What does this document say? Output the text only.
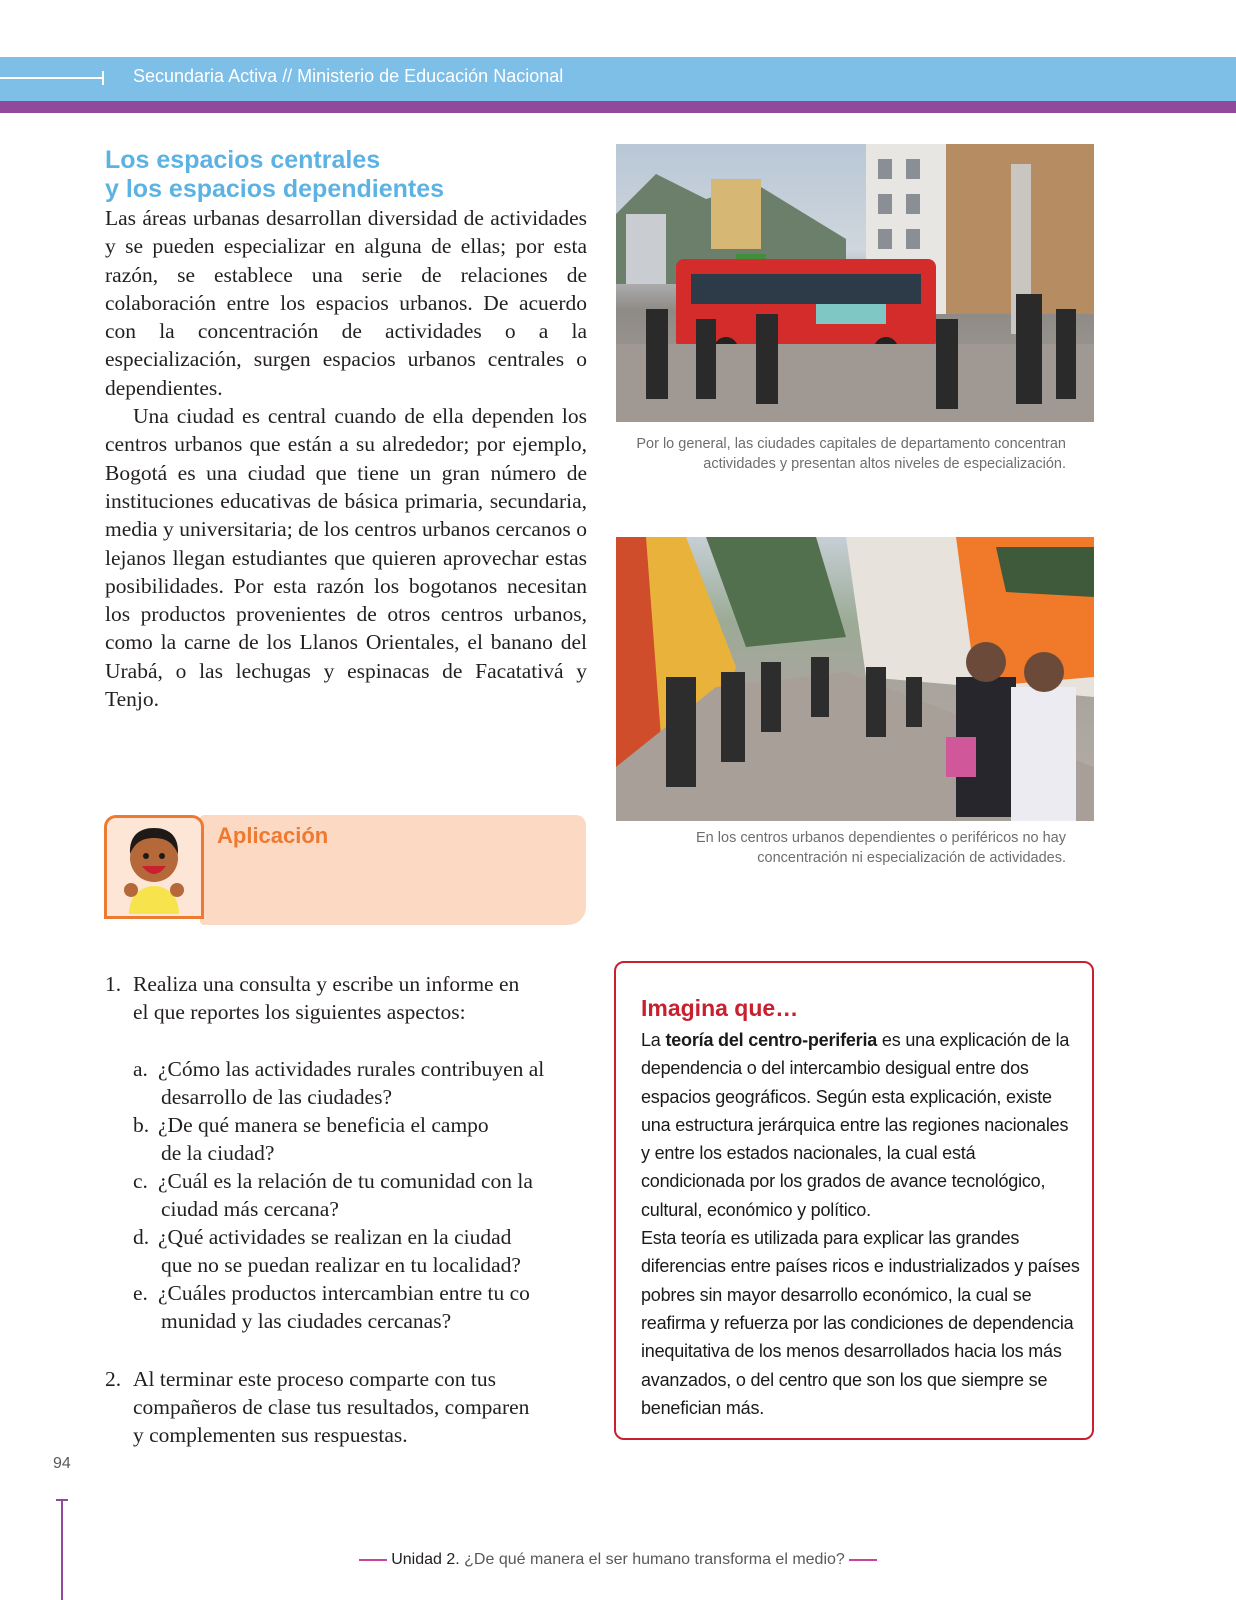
Secundaria Activa // Ministerio de Educación Nacional
Los espacios centrales
y los espacios dependientes

Las áreas urbanas desarrollan diversidad de actividades y se pueden especializar en alguna de ellas; por esta razón, se establece una serie de relaciones de colaboración entre los espacios urbanos. De acuerdo con la concentración de actividades o a la especialización, surgen espacios urbanos centrales o dependientes.

Una ciudad es central cuando de ella dependen los centros urbanos que están a su alrededor; por ejemplo, Bogotá es una ciudad que tiene un gran número de instituciones educativas de básica primaria, secundaria, media y universitaria; de los centros urbanos cercanos o lejanos llegan estudiantes que quieren aprovechar estas posibilidades. Por esta razón los bogotanos necesitan los productos provenientes de otros centros urbanos, como la carne de los Llanos Orientales, el banano del Urabá, o las lechugas y espinacas de Facatativá y Tenjo.

Por lo general, las ciudades capitales de departamento concentran
actividades y presentan altos niveles de especialización.
En los centros urbanos dependientes o periféricos no hay
concentración ni especialización de actividades.
Aplicación
1. Realiza una consulta y escribe un informe en
el que reportes los siguientes aspectos:
a. ¿Cómo las actividades rurales contribuyen al
desarrollo de las ciudades?
b. ¿De qué manera se beneficia el campo
de la ciudad?
c. ¿Cuál es la relación de tu comunidad con la
ciudad más cercana?
d. ¿Qué actividades se realizan en la ciudad
que no se puedan realizar en tu localidad?
e. ¿Cuáles productos intercambian entre tu co
munidad y las ciudades cercanas?
2. Al terminar este proceso comparte con tus
compañeros de clase tus resultados, comparen
y complementen sus respuestas.
Imagina que…

La teoría del centro-periferia es una explicación de la dependencia o del intercambio desigual entre dos espacios geográficos. Según esta explicación, existe una estructura jerárquica entre las regiones nacionales y entre los estados nacionales, la cual está condicionada por los grados de avance tecnológico, cultural, económico y político.

Esta teoría es utilizada para explicar las grandes diferencias entre países ricos e industrializados y países pobres sin mayor desarrollo económico, la cual se reafirma y refuerza por las condiciones de dependencia inequitativa de los menos desarrollados hacia los más avanzados, o del centro que son los que siempre se benefician más.

94
Unidad 2. ¿De qué manera el ser humano transforma el medio?
